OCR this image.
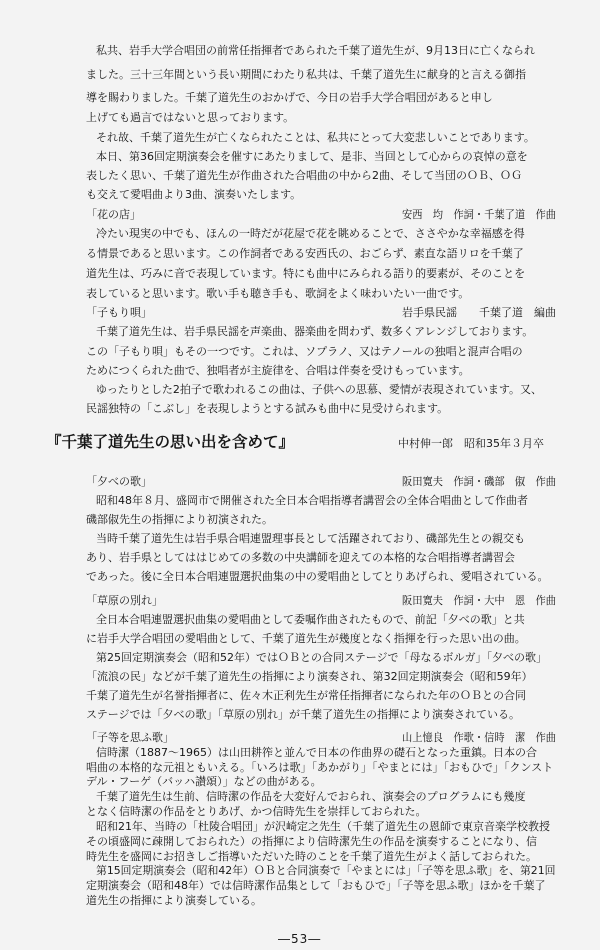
私共、岩手大学合唱団の前常任指揮者であられた千葉了道先生が、9月13日に亡くなられ
ました。三十三年間という長い期間にわたり私共は、千葉了道先生に献身的と言える御指
導を賜わりました。千葉了道先生のおかげで、今日の岩手大学合唱団があると申し
上げても過言ではないと思っております。
それ故、千葉了道先生が亡くなられたことは、私共にとって大変悲しいことであります。
本日、第36回定期演奏会を催すにあたりまして、是非、当回として心からの哀悼の意を
表したく思い、千葉了道先生が作曲された合唱曲の中から2曲、そして当団のＯＢ、ＯＧ
も交えて愛唱曲より3曲、演奏いたします。
「花の店」	安西　均　作詞・千葉了道　作曲
冷たい現実の中でも、ほんの一時だが花屋で花を眺めることで、ささやかな幸福感を得
る情景であると思います。この作詞者である安西氏の、おごらず、素直な語リロを千葉了
道先生は、巧みに音で表現しています。特にも曲中にみられる語り的要素が、そのことを
表していると思います。歌い手も聴き手も、歌詞をよく味わいたい一曲です。
「子もり唄」	岩手県民謡　　千葉了道　編曲
千葉了道先生は、岩手県民謡を声楽曲、器楽曲を問わず、数多くアレンジしております。
この「子もり唄」もその一つです。これは、ソプラノ、又はテノールの独唱と混声合唱の
ためにつくられた曲で、独唱者が主旋律を、合唱は伴奏を受けもっています。
ゆったりとした2拍子で歌われるこの曲は、子供への思慕、愛情が表現されています。又、
民謡独特の「こぶし」を表現しようとする試みも曲中に見受けられます。
『千葉了道先生の思い出を含めて』	中村伸一郎　昭和35年３月卒
「夕べの歌」	阪田寛夫　作詞・磯部　俶　作曲
昭和48年８月、盛岡市で開催された全日本合唱指導者講習会の全体合唱曲として作曲者
磯部俶先生の指揮により初演された。
当時千葉了道先生は岩手県合唱連盟理事長として活躍されており、磯部先生との親交も
あり、岩手県としてははじめての多数の中央講師を迎えての本格的な合唱指導者講習会
であった。後に全日本合唱連盟選択曲集の中の愛唱曲としてとりあげられ、愛唱されている。
「草原の別れ」	阪田寛夫　作詞・大中　恩　作曲
全日本合唱連盟選択曲集の愛唱曲として委嘱作曲されたもので、前記「夕べの歌」と共
に岩手大学合唱団の愛唱曲として、千葉了道先生が幾度となく指揮を行った思い出の曲。
第25回定期演奏会（昭和52年）ではＯＢとの合同ステージで「母なるボルガ」「夕べの歌」
「流浪の民」などが千葉了道先生の指揮により演奏され、第32回定期演奏会（昭和59年）
千葉了道先生が名誉指揮者に、佐々木正利先生が常任指揮者になられた年のＯＢとの合同
ステージでは「夕べの歌」「草原の別れ」が千葉了道先生の指揮により演奏されている。
「子等を思ふ歌」	山上憶良　作歌・信時　潔　作曲
信時潔（1887～1965）は山田耕筰と並んで日本の作曲界の礎石となった重鎮。日本の合
唱曲の本格的な元祖ともいえる。「いろは歌」「あかがり」「やまとには」「おもひで」「クンスト
デル・フーゲ（バッハ讃頌）」などの曲がある。
千葉了道先生は生前、信時潔の作品を大変好んでおられ、演奏会のプログラムにも幾度
となく信時潔の作品をとりあげ、かつ信時先生を崇拝しておられた。
昭和21年、当時の「杜陵合唱団」が沢崎定之先生（千葉了道先生の恩師で東京音楽学校教授
その頃盛岡に疎開しておられた）の指揮により信時潔先生の作品を演奏することになり、信
時先生を盛岡にお招きしご指導いただいた時のことを千葉了道先生がよく話しておられた。
第15回定期演奏会（昭和42年）ＯＢと合同演奏で「やまとには」「子等を思ふ歌」を、第21回
定期演奏会（昭和48年）では信時潔作品集として「おもひで」「子等を思ふ歌」ほかを千葉了
道先生の指揮により演奏している。
―53―
